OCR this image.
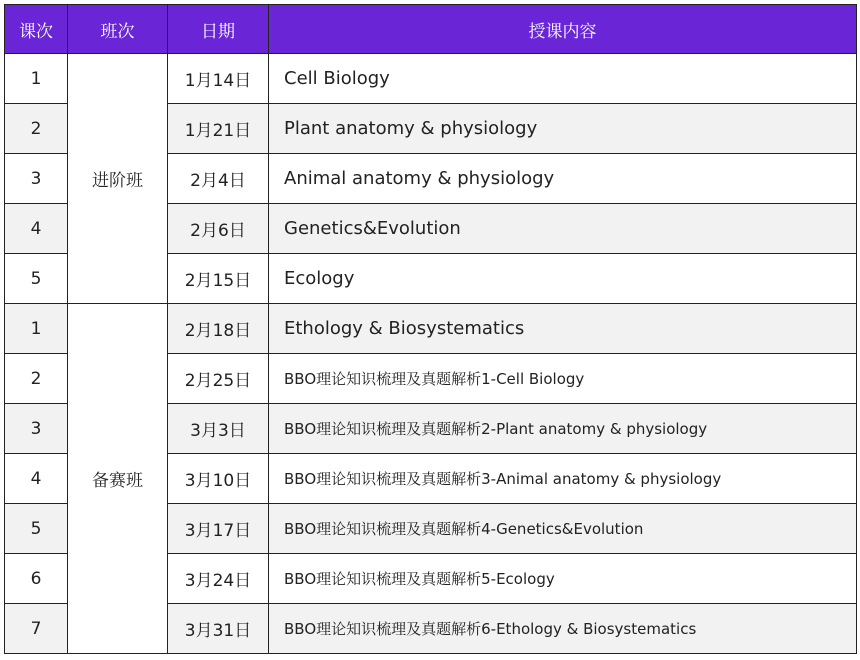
课次	班次	日期	授课内容
1	进阶班	1月14日	Cell Biology
2		1月21日	Plant anatomy & physiology
3		2月4日	Animal anatomy & physiology
4		2月6日	Genetics&Evolution
5		2月15日	Ecology
1	备赛班	2月18日	Ethology & Biosystematics
2		2月25日	BBO理论知识梳理及真题解析1-Cell Biology
3		3月3日	BBO理论知识梳理及真题解析2-Plant anatomy & physiology
4		3月10日	BBO理论知识梳理及真题解析3-Animal anatomy & physiology
5		3月17日	BBO理论知识梳理及真题解析4-Genetics&Evolution
6		3月24日	BBO理论知识梳理及真题解析5-Ecology
7		3月31日	BBO理论知识梳理及真题解析6-Ethology & Biosystematics
